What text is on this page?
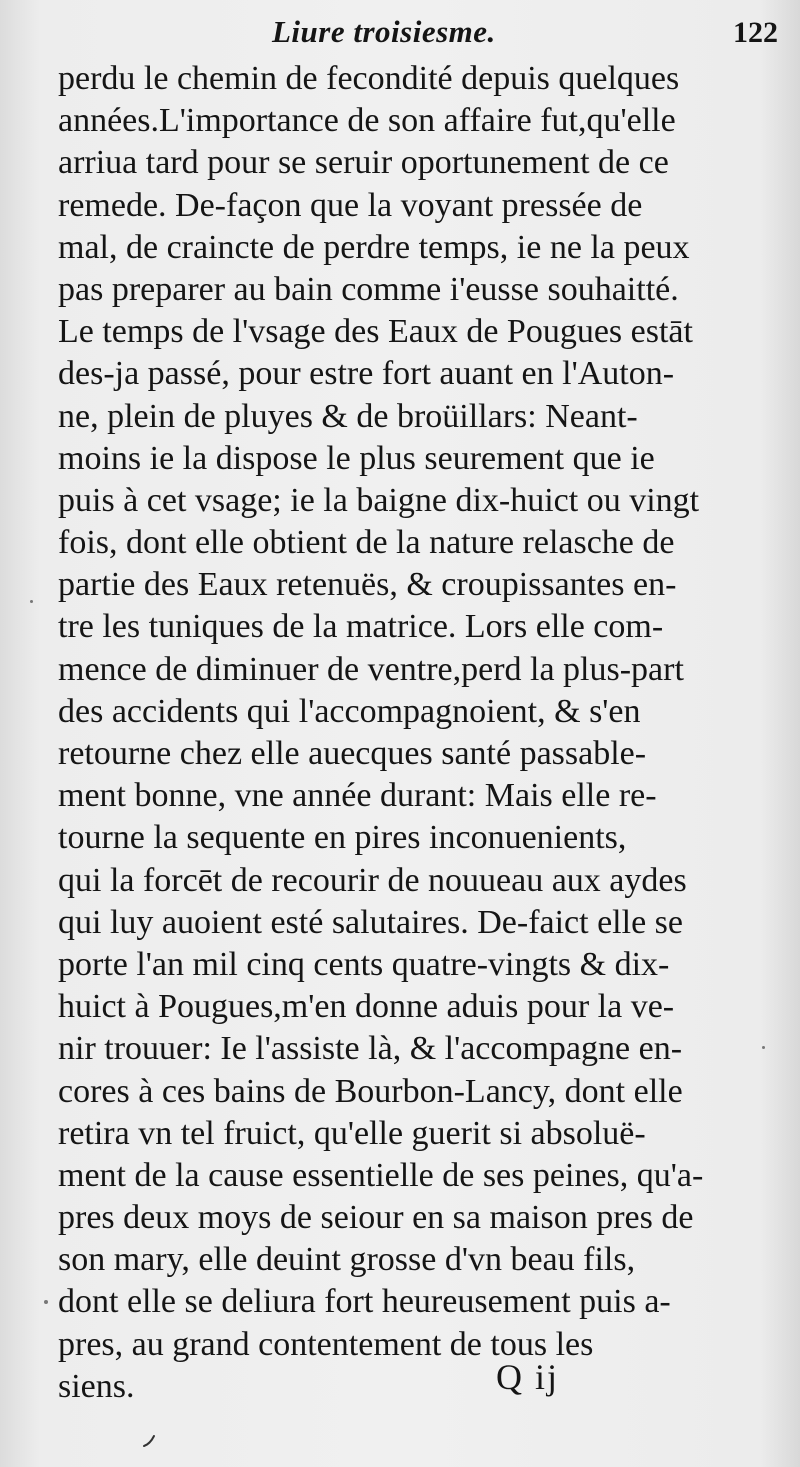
Liure troisiesme.	122
perdu le chemin de fecondité depuis quelques
années.L'importance de son affaire fut,qu'elle
arriua tard pour se seruir oportunement de ce
remede. De-façon que la voyant pressée de
mal, de craincte de perdre temps, ie ne la peux
pas preparer au bain comme i'eusse souhaitté.
Le temps de l'vsage des Eaux de Pougues estāt
des-ja passé, pour estre fort auant en l'Auton-
ne, plein de pluyes & de broüillars: Neant-
moins ie la dispose le plus seurement que ie
puis à cet vsage; ie la baigne dix-huict ou vingt
fois, dont elle obtient de la nature relasche de
partie des Eaux retenuës, & croupissantes en-
tre les tuniques de la matrice. Lors elle com-
mence de diminuer de ventre,perd la plus-part
des accidents qui l'accompagnoient, & s'en
retourne chez elle auecques santé passable-
ment bonne, vne année durant: Mais elle re-
tourne la sequente en pires inconuenients,
qui la forcēt de recourir de nouueau aux aydes
qui luy auoient esté salutaires. De-faict elle se
porte l'an mil cinq cents quatre-vingts & dix-
huict à Pougues,m'en donne aduis pour la ve-
nir trouuer: Ie l'assiste là, & l'accompagne en-
cores à ces bains de Bourbon-Lancy, dont elle
retira vn tel fruict, qu'elle guerit si absoluë-
ment de la cause essentielle de ses peines, qu'a-
pres deux moys de seiour en sa maison pres de
son mary, elle deuint grosse d'vn beau fils,
dont elle se deliura fort heureusement puis a-
pres, au grand contentement de tous les
siens.	Q ij
